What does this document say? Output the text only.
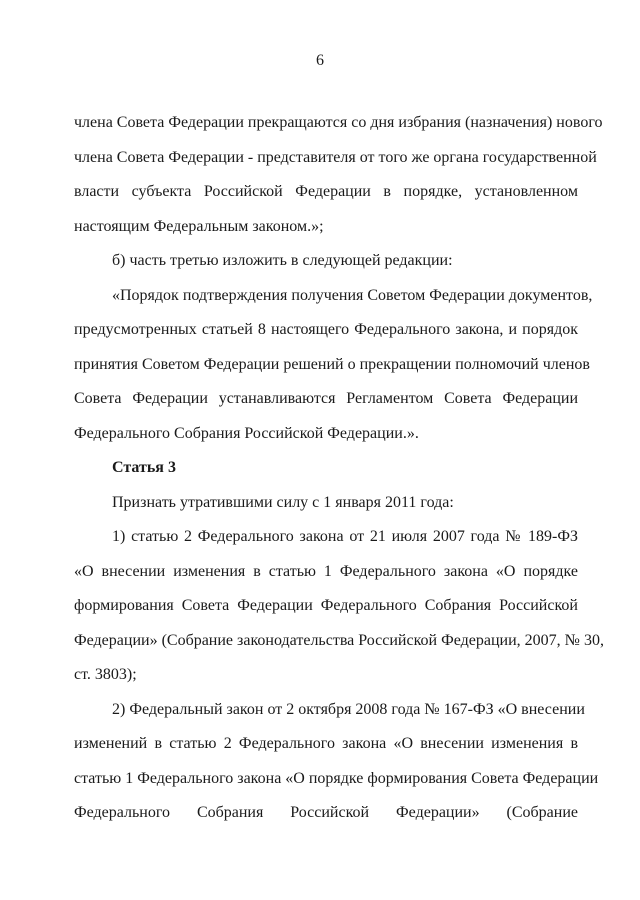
6
члена Совета Федерации прекращаются со дня избрания (назначения) нового
члена Совета Федерации - представителя от того же органа государственной
власти субъекта Российской Федерации в порядке, установленном
настоящим Федеральным законом.»;
б) часть третью изложить в следующей редакции:
«Порядок подтверждения получения Советом Федерации документов,
предусмотренных статьей 8 настоящего Федерального закона, и порядок
принятия Советом Федерации решений о прекращении полномочий членов
Совета Федерации устанавливаются Регламентом Совета Федерации
Федерального Собрания Российской Федерации.».
Статья 3
Признать утратившими силу с 1 января 2011 года:
1) статью 2 Федерального закона от 21 июля 2007 года № 189-ФЗ
«О внесении изменения в статью 1 Федерального закона «О порядке
формирования Совета Федерации Федерального Собрания Российской
Федерации» (Собрание законодательства Российской Федерации, 2007, № 30,
ст. 3803);
2) Федеральный закон от 2 октября 2008 года № 167-ФЗ «О внесении
изменений в статью 2 Федерального закона «О внесении изменения в
статью 1 Федерального закона «О порядке формирования Совета Федерации
Федерального Собрания Российской Федерации» (Собрание
